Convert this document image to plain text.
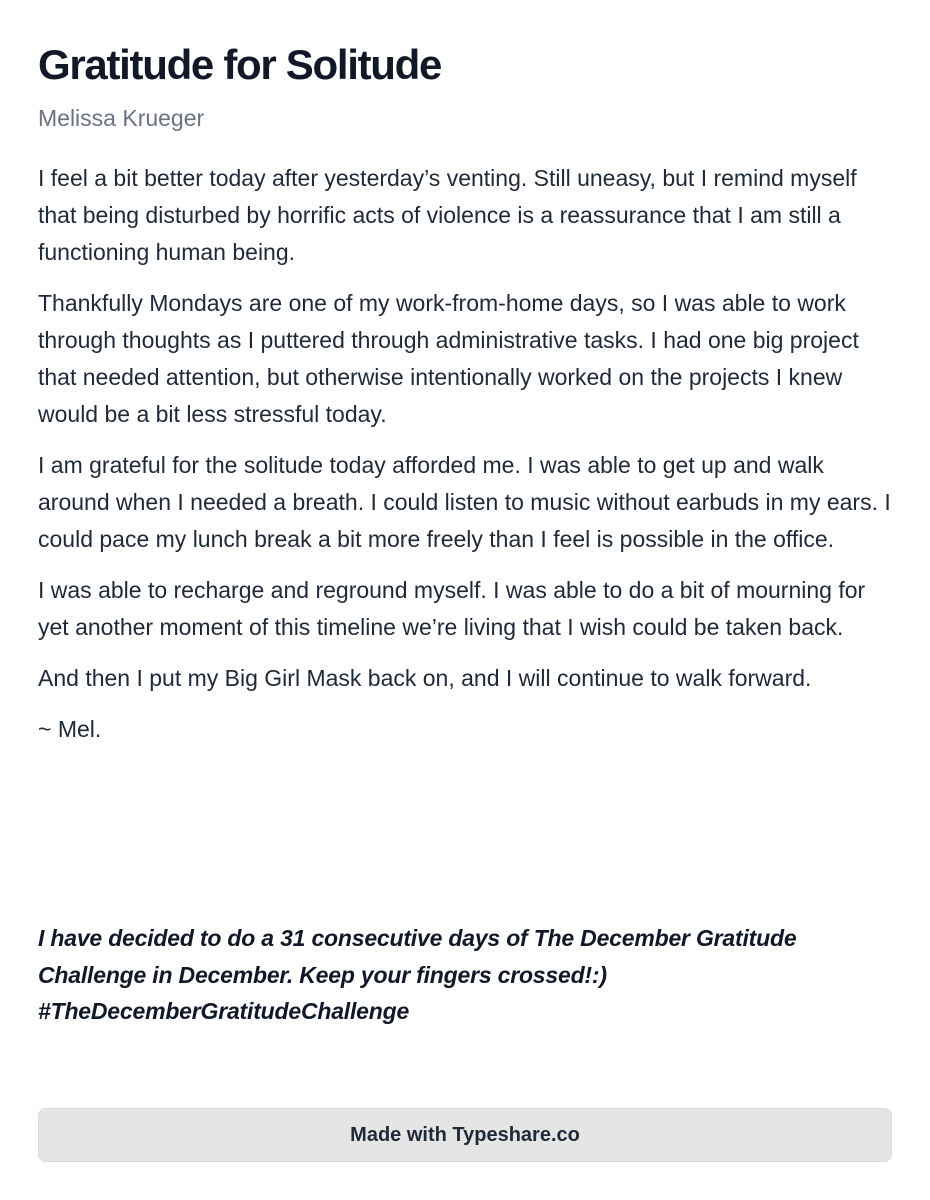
Gratitude for Solitude

Melissa Krueger

I feel a bit better today after yesterday’s venting. Still uneasy, but I remind myself that being disturbed by horrific acts of violence is a reassurance that I am still a functioning human being.

Thankfully Mondays are one of my work-from-home days, so I was able to work through thoughts as I puttered through administrative tasks. I had one big project that needed attention, but otherwise intentionally worked on the projects I knew would be a bit less stressful today.

I am grateful for the solitude today afforded me. I was able to get up and walk around when I needed a breath. I could listen to music without earbuds in my ears. I could pace my lunch break a bit more freely than I feel is possible in the office.

I was able to recharge and reground myself. I was able to do a bit of mourning for yet another moment of this timeline we’re living that I wish could be taken back.

And then I put my Big Girl Mask back on, and I will continue to walk forward.

~ Mel.

I have decided to do a 31 consecutive days of The December Gratitude Challenge in December. Keep your fingers crossed!:) #TheDecemberGratitudeChallenge

Made with Typeshare.co
